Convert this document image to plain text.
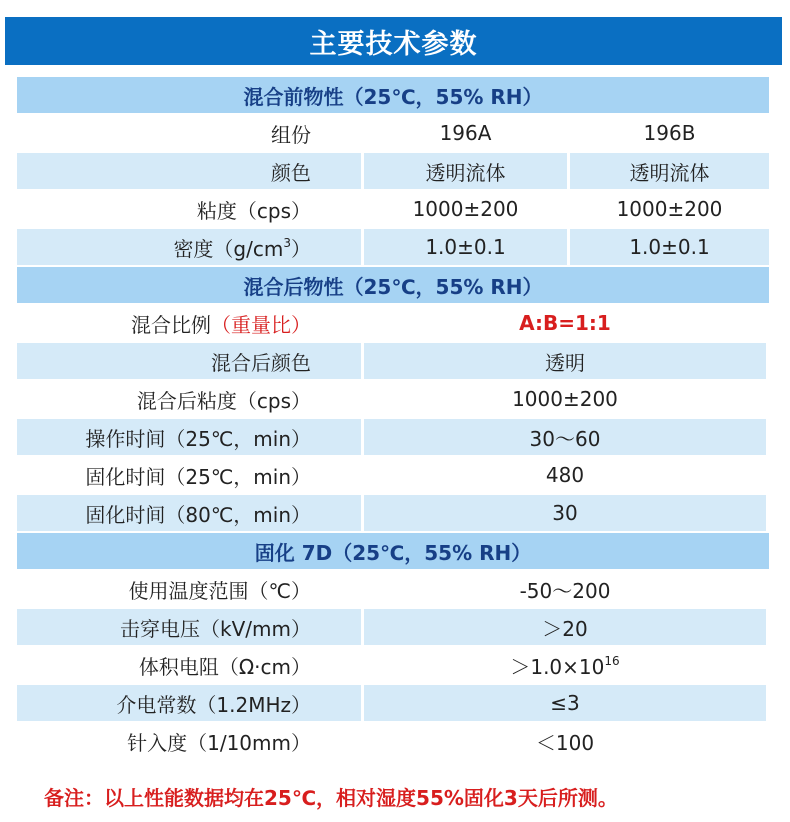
主要技术参数
混合前物性（25℃，55% RH）
组份	196A	196B
颜色	透明流体	透明流体
粘度（cps）	1000±200	1000±200
密度（$g/cm^3$ ）	1.0±0.1	1.0±0.1
混合后物性（25℃，55% RH）
混合比例 （重量比）	A:B=1:1
混合后颜色	透明
混合后粘度（cps）	1000±200
操作时间（25℃，min）	30～60
固化时间（25℃，min）	480
固化时间（80℃，min）	30
固化 7D（25℃，55% RH）
使用温度范围（℃）	-50～200
击穿电压（kV/mm）	＞20
体积电阻（Ω·cm）	$>1.0\times 10^{16}$
介电常数（1.2MHz）	≤3
针入度（1/10mm）	＜100
备注：以上性能数据均在25℃，相对湿度55%固化3天后所测。
